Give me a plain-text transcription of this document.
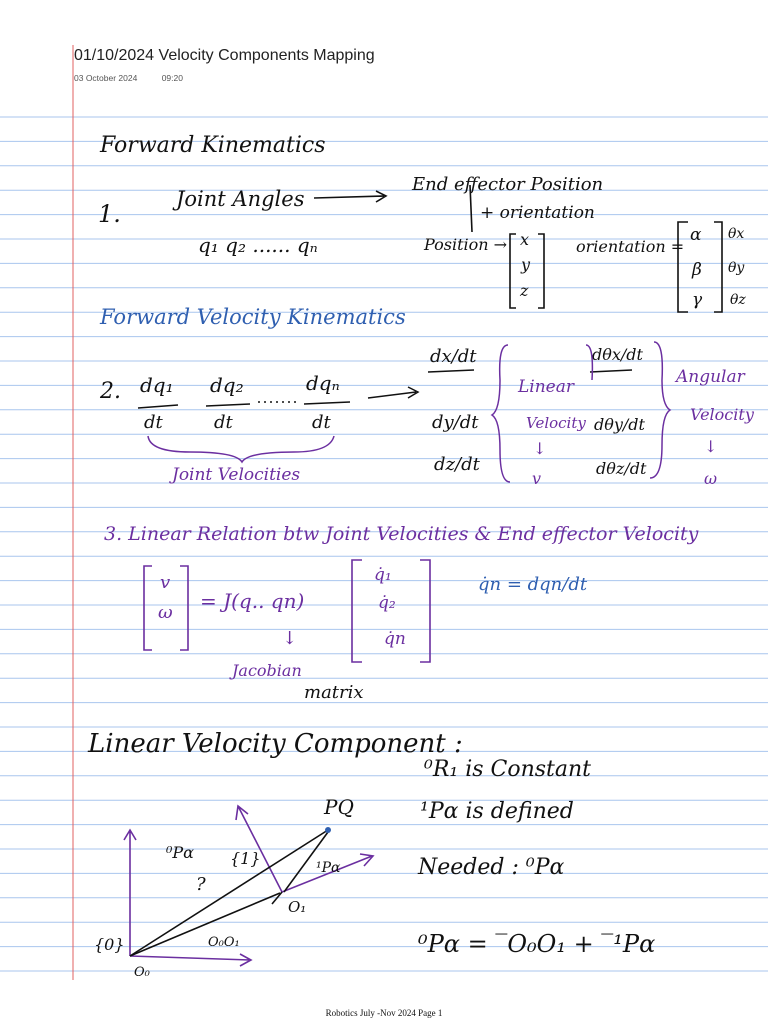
01/10/2024 Velocity Components Mapping
03 October 2024	09:20
Forward Kinematics
1.
Joint Angles
End effector Position
+ orientation
q₁ q₂ ...... qₙ	Position → x
y
z
orientation =
α
β
γ
θx
θy
θz
Forward Velocity Kinematics
2. dq₁
dt
dq₂
dt
dqₙ
dt
dx/dt
dy/dt
dz/dt
dθx/dt
dθy/dt
dθz/dt
Linear
Velocity
↓
v
Angular
Velocity
↓
ω
Joint Velocities
3. Linear Relation btw Joint Velocities & End effector Velocity
v
ω = J(q.. qn)
q̇₁
q̇₂
q̇n
↓
Jacobian
matrix
q̇n = dqn/dt
Linear Velocity Component :
⁰R₁ is Constant
¹Pα is defined
Needed : ⁰Pα
⁰Pα = ‾O₀O₁ + ‾¹Pα
PQ
⁰Pα {1}
?
¹Pα
O₁
O₀O₁
{0}
O₀
Robotics July -Nov 2024 Page 1
